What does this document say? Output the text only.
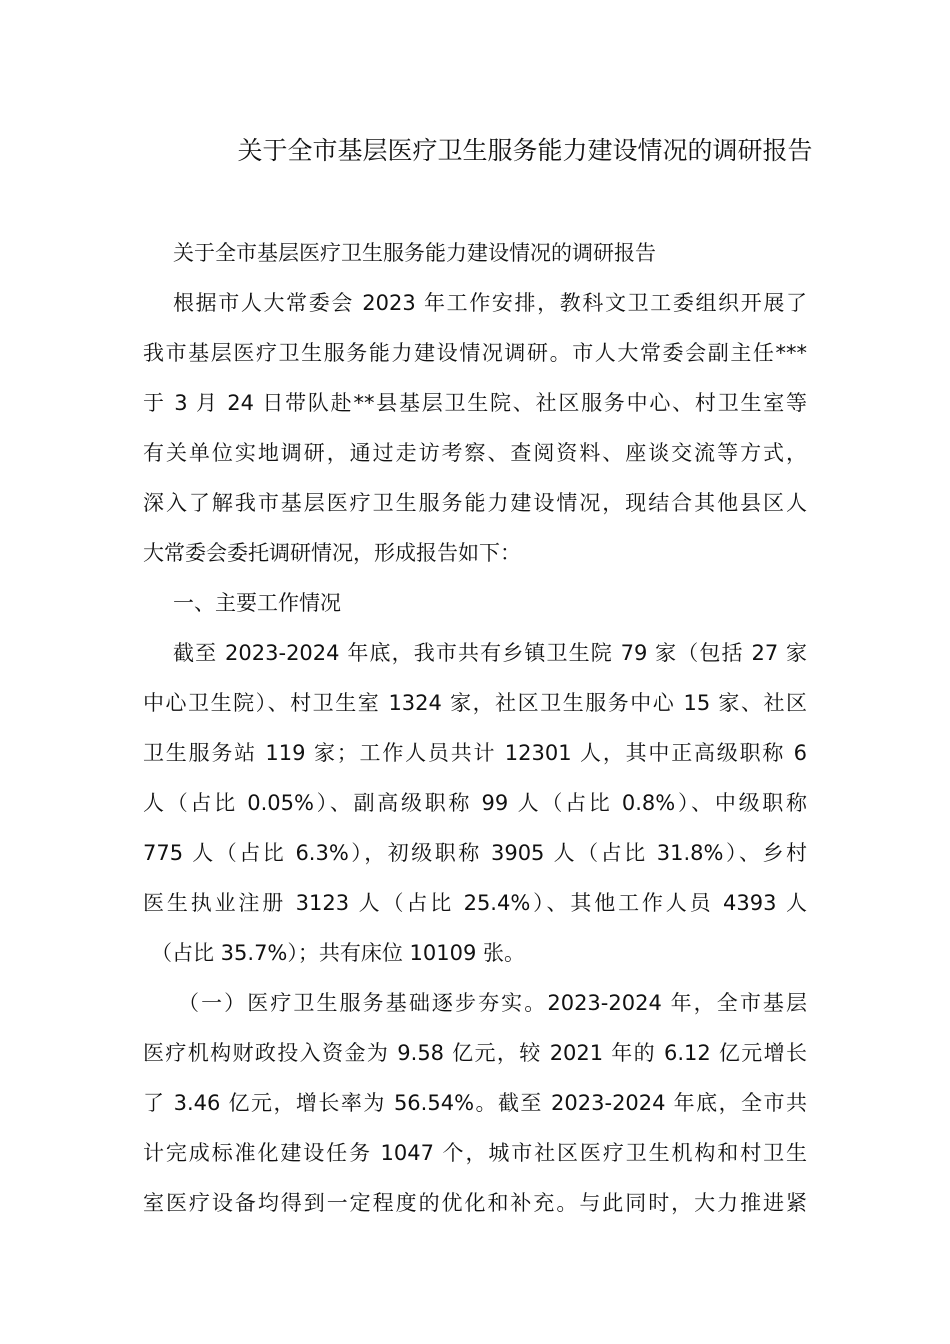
关于全市基层医疗卫生服务能力建设情况的调研报告
关于全市基层医疗卫生服务能力建设情况的调研报告
根据市人大常委会 2023 年工作安排，教科文卫工委组织开展了
我市基层医疗卫生服务能力建设情况调研。市人大常委会副主任***
于 3 月 24 日带队赴**县基层卫生院、社区服务中心、村卫生室等
有关单位实地调研，通过走访考察、查阅资料、座谈交流等方式，
深入了解我市基层医疗卫生服务能力建设情况，现结合其他县区人
大常委会委托调研情况，形成报告如下：
一、主要工作情况
截至 2023-2024 年底，我市共有乡镇卫生院 79 家（包括 27 家
中心卫生院）、村卫生室 1324 家，社区卫生服务中心 15 家、社区
卫生服务站 119 家；工作人员共计 12301 人，其中正高级职称 6
人（占比 0.05%）、副高级职称 99 人（占比 0.8%）、中级职称
775 人（占比 6.3%），初级职称 3905 人（占比 31.8%）、乡村
医生执业注册 3123 人（占比 25.4%）、其他工作人员 4393 人
（占比 35.7%）；共有床位 10109 张。
（一）医疗卫生服务基础逐步夯实。2023-2024 年，全市基层
医疗机构财政投入资金为 9.58 亿元，较 2021 年的 6.12 亿元增长
了 3.46 亿元，增长率为 56.54%。截至 2023-2024 年底，全市共
计完成标准化建设任务 1047 个，城市社区医疗卫生机构和村卫生
室医疗设备均得到一定程度的优化和补充。与此同时，大力推进紧
